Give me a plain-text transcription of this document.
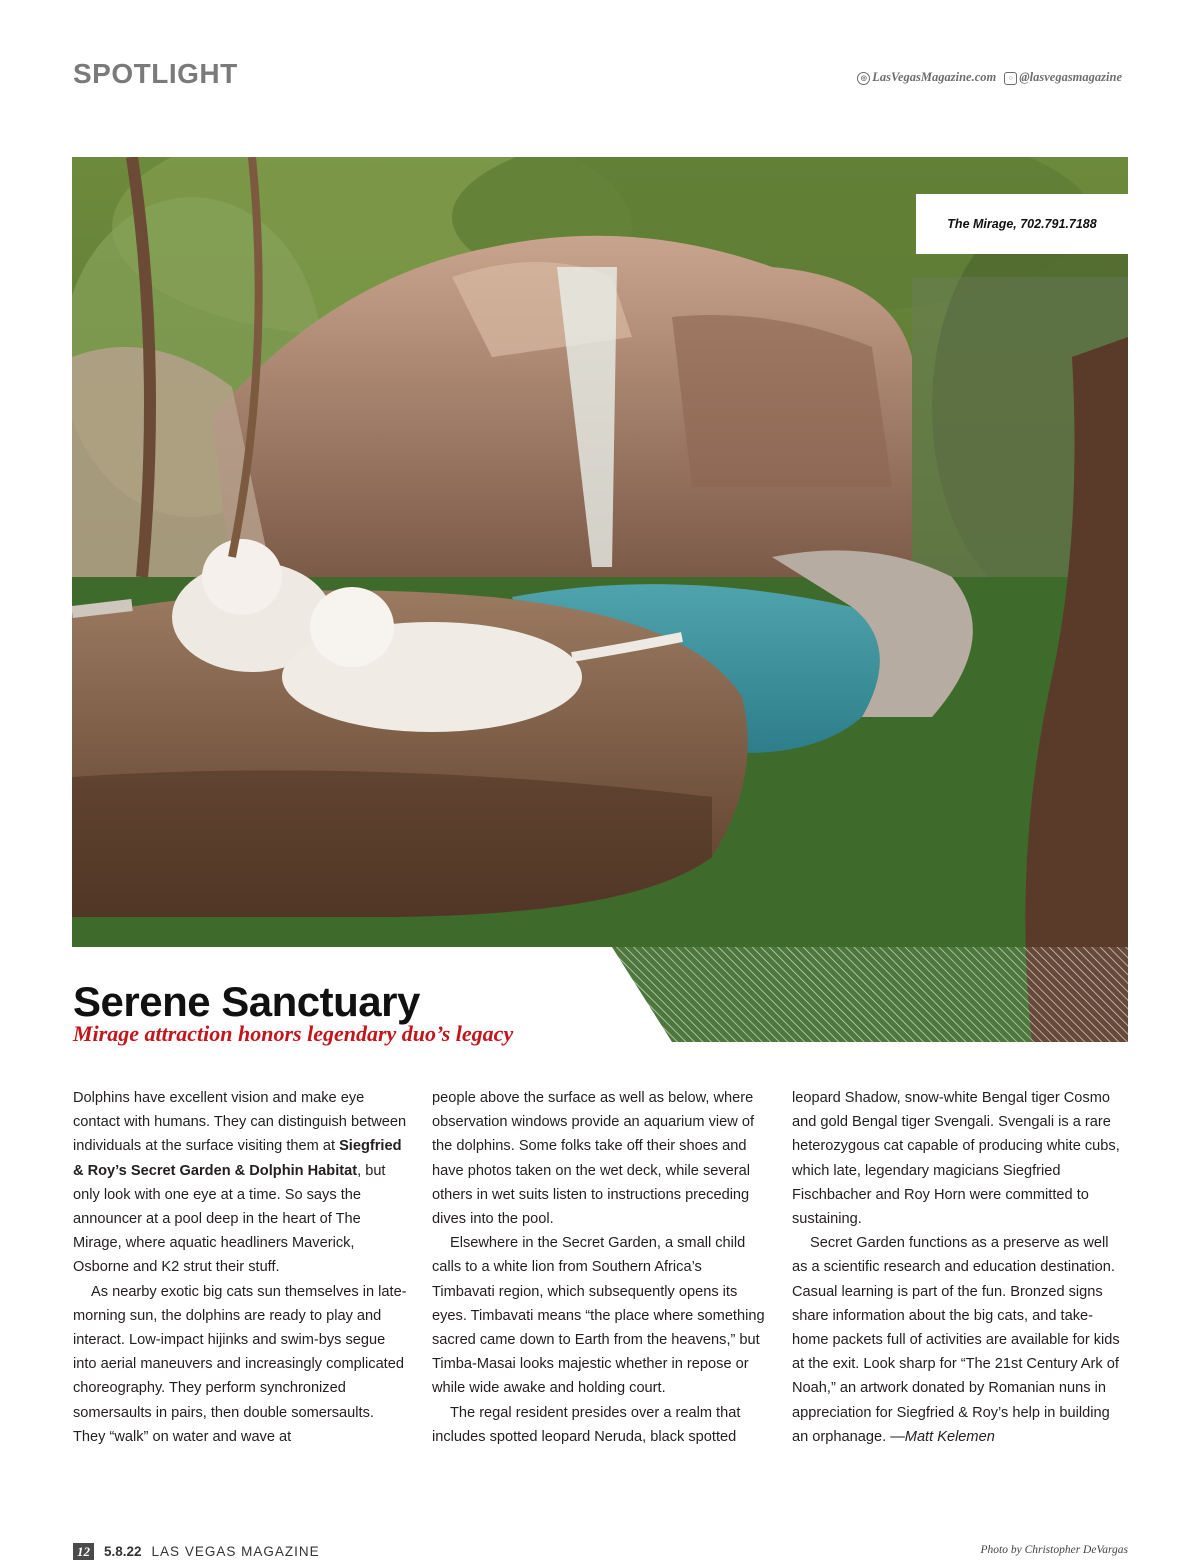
SPOTLIGHT	◎ LasVegasMagazine.com	○ @lasvegasmagazine
The Mirage, 702.791.7188
Serene Sanctuary
Mirage attraction honors legendary duo’s legacy

Dolphins have excellent vision and make eye contact with humans. They can distinguish between individuals at the surface visiting them at Siegfried & Roy’s Secret Garden & Dolphin Habitat, but only look with one eye at a time. So says the announcer at a pool deep in the heart of The Mirage, where aquatic headliners Maverick, Osborne and K2 strut their stuff.

As nearby exotic big cats sun themselves in late-morning sun, the dolphins are ready to play and interact. Low-impact hijinks and swim-bys segue into aerial maneuvers and increasingly complicated choreography. They perform synchronized somersaults in pairs, then double somersaults. They “walk” on water and wave at

people above the surface as well as below, where observation windows provide an aquarium view of the dolphins. Some folks take off their shoes and have photos taken on the wet deck, while several others in wet suits listen to instructions preceding dives into the pool.

Elsewhere in the Secret Garden, a small child calls to a white lion from Southern Africa’s Timbavati region, which subsequently opens its eyes. Timbavati means “the place where something sacred came down to Earth from the heavens,” but Timba-Masai looks majestic whether in repose or while wide awake and holding court.

The regal resident presides over a realm that includes spotted leopard Neruda, black spotted

leopard Shadow, snow-white Bengal tiger Cosmo and gold Bengal tiger Svengali. Svengali is a rare heterozygous cat capable of producing white cubs, which late, legendary magicians Siegfried Fischbacher and Roy Horn were committed to sustaining.

Secret Garden functions as a preserve as well as a scientific research and education destination. Casual learning is part of the fun. Bronzed signs share information about the big cats, and take-home packets full of activities are available for kids at the exit. Look sharp for “The 21st Century Ark of Noah,” an artwork donated by Romanian nuns in appreciation for Siegfried & Roy’s help in building an orphanage. —Matt Kelemen

12 5.8.22 LAS VEGAS MAGAZINE	Photo by Christopher DeVargas
